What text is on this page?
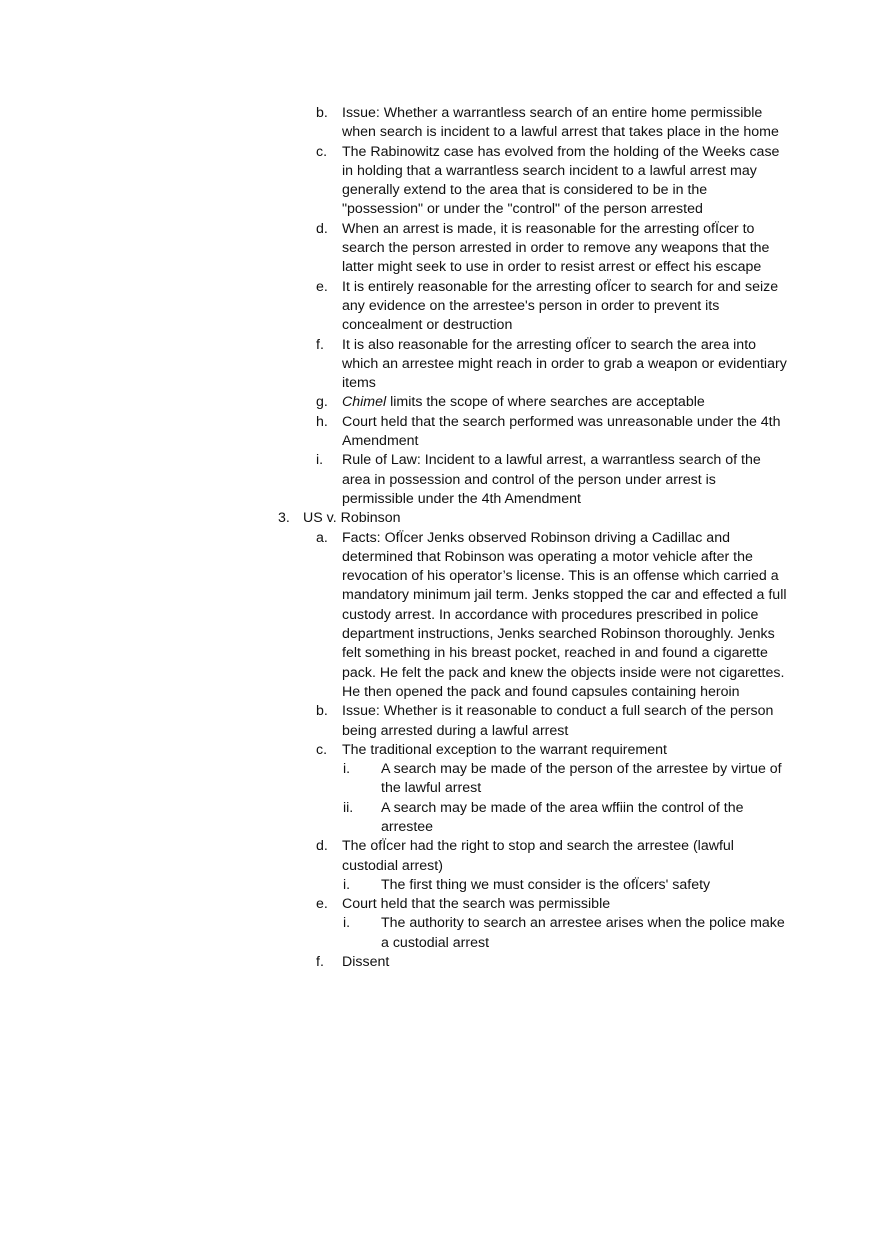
b. Issue: Whether a warrantless search of an entire home permissible when search is incident to a lawful arrest that takes place in the home
c. The Rabinowitz case has evolved from the holding of the Weeks case in holding that a warrantless search incident to a lawful arrest may generally extend to the area that is considered to be in the "possession" or under the "control" of the person arrested
d. When an arrest is made, it is reasonable for the arresting ofÏcer to search the person arrested in order to remove any weapons that the latter might seek to use in order to resist arrest or effect his escape
e. It is entirely reasonable for the arresting ofÏcer to search for and seize any evidence on the arrestee's person in order to prevent its concealment or destruction
f. It is also reasonable for the arresting ofÏcer to search the area into which an arrestee might reach in order to grab a weapon or evidentiary items
g. Chimel limits the scope of where searches are acceptable
h. Court held that the search performed was unreasonable under the 4th Amendment
i. Rule of Law: Incident to a lawful arrest, a warrantless search of the area in possession and control of the person under arrest is permissible under the 4th Amendment
3. US v. Robinson
a. Facts: OfÏcer Jenks observed Robinson driving a Cadillac and determined that Robinson was operating a motor vehicle after the revocation of his operator’s license. This is an offense which carried a mandatory minimum jail term. Jenks stopped the car and effected a full custody arrest. In accordance with procedures prescribed in police department instructions, Jenks searched Robinson thoroughly. Jenks felt something in his breast pocket, reached in and found a cigarette pack. He felt the pack and knew the objects inside were not cigarettes. He then opened the pack and found capsules containing heroin
b. Issue: Whether is it reasonable to conduct a full search of the person being arrested during a lawful arrest
c. The traditional exception to the warrant requirement
i. A search may be made of the person of the arrestee by virtue of the lawful arrest
ii. A search may be made of the area wffiin the control of the arrestee
d. The ofÏcer had the right to stop and search the arrestee (lawful custodial arrest)
i. The first thing we must consider is the ofÏcers' safety
e. Court held that the search was permissible
i. The authority to search an arrestee arises when the police make a custodial arrest
f. Dissent
